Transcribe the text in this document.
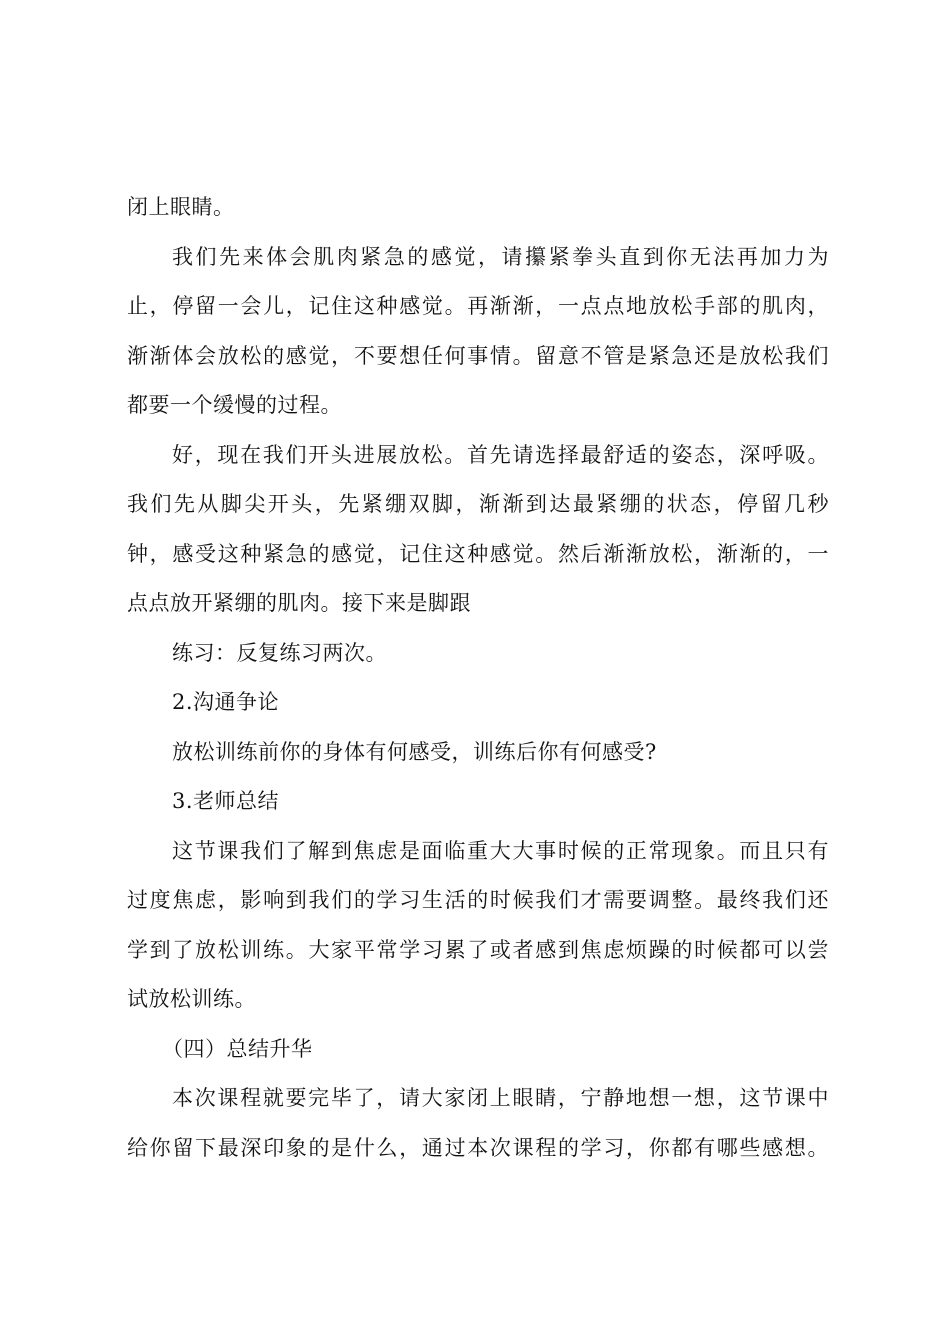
闭上眼睛。
我们先来体会肌肉紧急的感觉，请攥紧拳头直到你无法再加力为
止，停留一会儿，记住这种感觉。再渐渐，一点点地放松手部的肌肉，
渐渐体会放松的感觉，不要想任何事情。留意不管是紧急还是放松我们
都要一个缓慢的过程。
好，现在我们开头进展放松。首先请选择最舒适的姿态，深呼吸。
我们先从脚尖开头，先紧绷双脚，渐渐到达最紧绷的状态，停留几秒
钟，感受这种紧急的感觉，记住这种感觉。然后渐渐放松，渐渐的，一
点点放开紧绷的肌肉。接下来是脚跟
练习：反复练习两次。
2.沟通争论
放松训练前你的身体有何感受，训练后你有何感受?
3.老师总结
这节课我们了解到焦虑是面临重大大事时候的正常现象。而且只有
过度焦虑，影响到我们的学习生活的时候我们才需要调整。最终我们还
学到了放松训练。大家平常学习累了或者感到焦虑烦躁的时候都可以尝
试放松训练。
（四）总结升华
本次课程就要完毕了，请大家闭上眼睛，宁静地想一想，这节课中
给你留下最深印象的是什么，通过本次课程的学习，你都有哪些感想。
